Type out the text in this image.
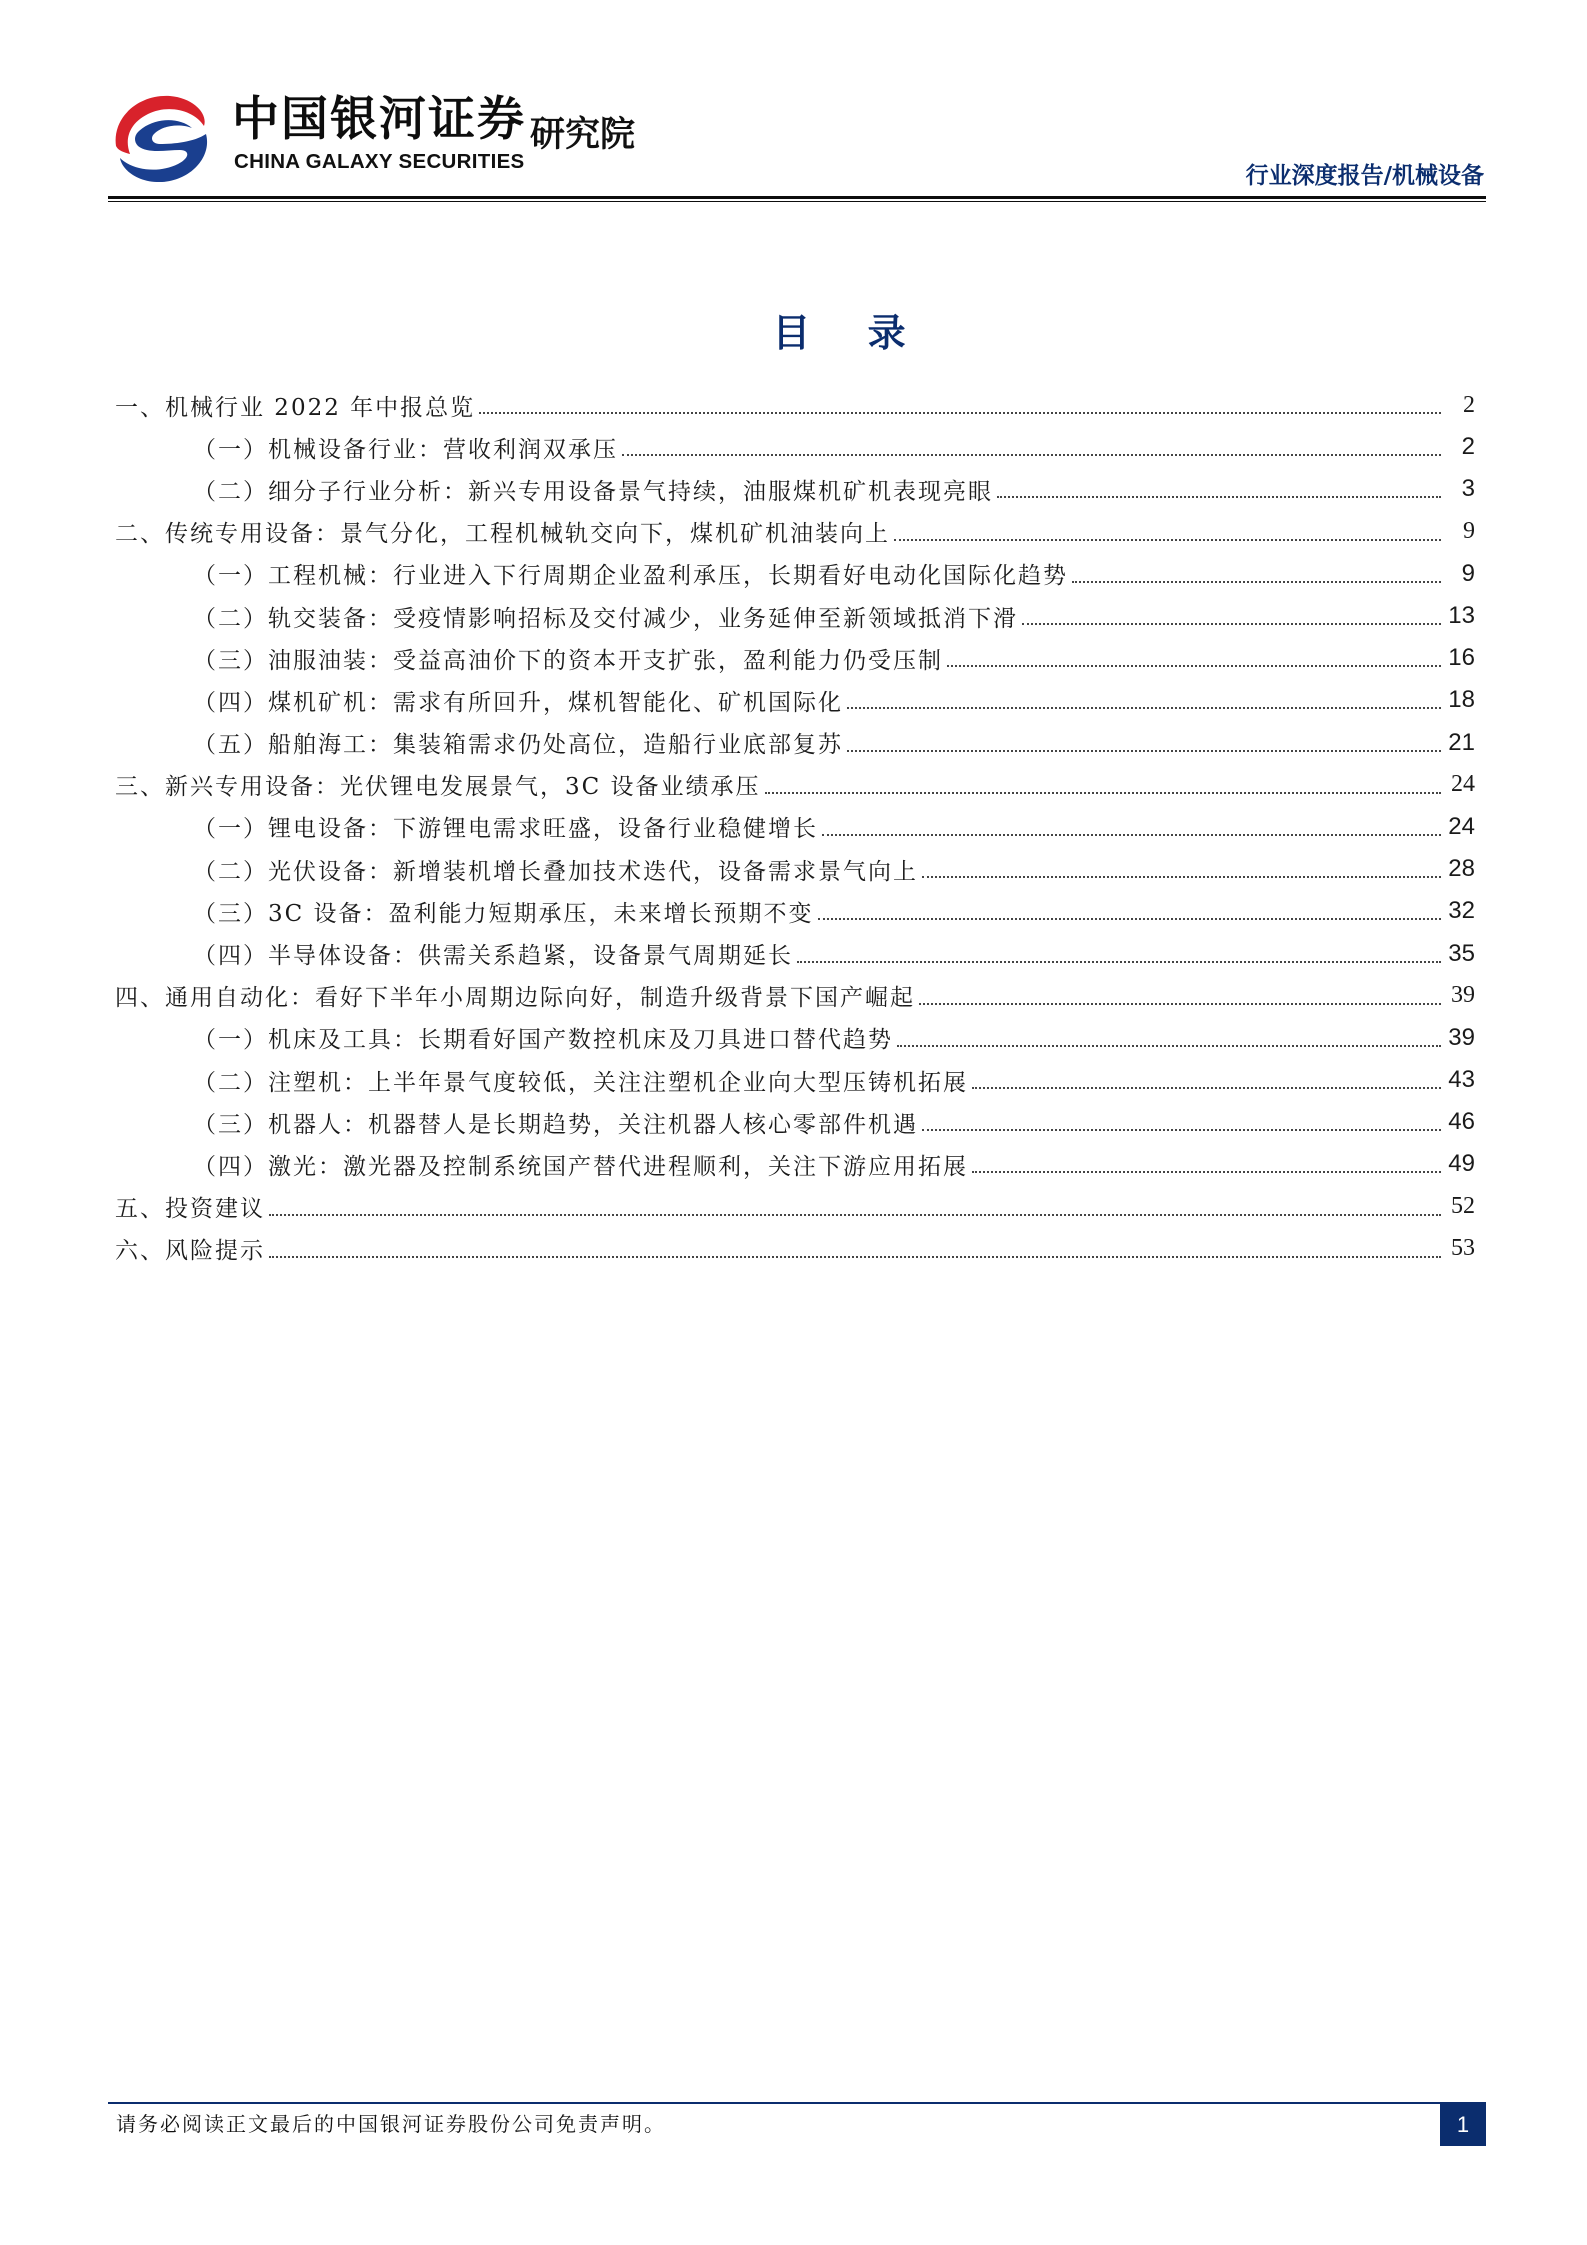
中国银河证券
CHINA GALAXY SECURITIES
研究院
行业深度报告/机械设备
目 录
一、机械行业 2022 年中报总览	2
（一）机械设备行业：营收利润双承压	2
（二）细分子行业分析：新兴专用设备景气持续，油服煤机矿机表现亮眼	3
二、传统专用设备：景气分化，工程机械轨交向下，煤机矿机油装向上	9
（一）工程机械：行业进入下行周期企业盈利承压，长期看好电动化国际化趋势	9
（二）轨交装备：受疫情影响招标及交付减少，业务延伸至新领域抵消下滑	13
（三）油服油装：受益高油价下的资本开支扩张，盈利能力仍受压制	16
（四）煤机矿机：需求有所回升，煤机智能化、矿机国际化	18
（五）船舶海工：集装箱需求仍处高位，造船行业底部复苏	21
三、新兴专用设备：光伏锂电发展景气，3C 设备业绩承压	24
（一）锂电设备：下游锂电需求旺盛，设备行业稳健增长	24
（二）光伏设备：新增装机增长叠加技术迭代，设备需求景气向上	28
（三）3C 设备：盈利能力短期承压，未来增长预期不变	32
（四）半导体设备：供需关系趋紧，设备景气周期延长	35
四、通用自动化：看好下半年小周期边际向好，制造升级背景下国产崛起	39
（一）机床及工具：长期看好国产数控机床及刀具进口替代趋势	39
（二）注塑机：上半年景气度较低，关注注塑机企业向大型压铸机拓展	43
（三）机器人：机器替人是长期趋势，关注机器人核心零部件机遇	46
（四）激光：激光器及控制系统国产替代进程顺利，关注下游应用拓展	49
五、投资建议	52
六、风险提示	53
请务必阅读正文最后的中国银河证券股份公司免责声明。	1
